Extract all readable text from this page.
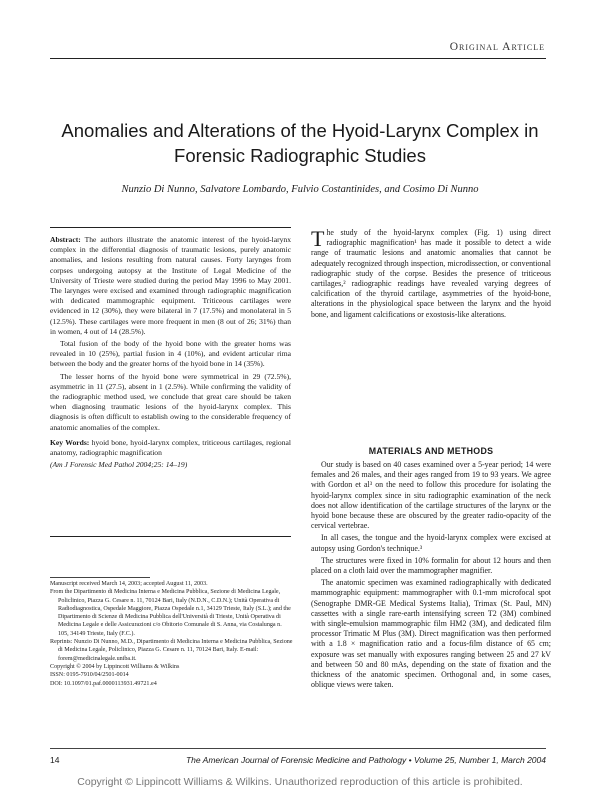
Original Article
Anomalies and Alterations of the Hyoid-Larynx Complex in Forensic Radiographic Studies
Nunzio Di Nunno, Salvatore Lombardo, Fulvio Costantinides, and Cosimo Di Nunno

Abstract: The authors illustrate the anatomic interest of the hyoid-larynx complex in the differential diagnosis of traumatic lesions, purely anatomic anomalies, and lesions resulting from natural causes. Forty larynges from corpses undergoing autopsy at the Institute of Legal Medicine of the University of Trieste were studied during the period May 1996 to May 2001. The larynges were excised and examined through radiographic magnification with dedicated mammographic equipment. Triticeous cartilages were evidenced in 12 (30%), they were bilateral in 7 (17.5%) and monolateral in 5 (12.5%). These cartilages were more frequent in men (8 out of 26; 31%) than in women, 4 out of 14 (28.5%).

Total fusion of the body of the hyoid bone with the greater horns was revealed in 10 (25%), partial fusion in 4 (10%), and evident articular rima between the body and the greater horns of the hyoid bone in 14 (35%).

The lesser horns of the hyoid bone were symmetrical in 29 (72.5%), asymmetric in 11 (27.5), absent in 1 (2.5%). While confirming the validity of the radiographic method used, we conclude that great care should be taken when diagnosing traumatic lesions of the hyoid-larynx complex. This diagnosis is often difficult to establish owing to the considerable frequency of anatomic anomalies of the complex.

Key Words: hyoid bone, hyoid-larynx complex, triticeous cartilages, regional anatomy, radiographic magnification

(Am J Forensic Med Pathol 2004;25: 14–19)

Manuscript received March 14, 2003; accepted August 11, 2003.

From the Dipartimento di Medicina Interna e Medicina Pubblica, Sezione di Medicina Legale, Policlinico, Piazza G. Cesare n. 11, 70124 Bari, Italy (N.D.N., C.D.N.); Unità Operativa di Radiodiagnostica, Ospedale Maggiore, Piazza Ospedale n.1, 34129 Trieste, Italy (S.L.); and the Dipartimento di Scienze di Medicina Pubblica dell'Università di Trieste, Unità Operativa di Medicina Legale e delle Assicurazioni c/o Obitorio Comunale di S. Anna, via Costalunga n. 105, 34149 Trieste, Italy (F.C.).

Reprints: Nunzio Di Nunno, M.D., Dipartimento di Medicina Interna e Medicina Pubblica, Sezione di Medicina Legale, Policlinico, Piazza G. Cesare n. 11, 70124 Bari, Italy. E-mail: forem@medicinalegale.uniba.it.

Copyright © 2004 by Lippincott Williams & Wilkins

ISSN: 0195-7910/04/2501-0014

DOI: 10.1097/01.paf.0000113931.49721.e4

The study of the hyoid-larynx complex (Fig. 1) using direct radiographic magnification¹ has made it possible to detect a wide range of traumatic lesions and anatomic anomalies that cannot be adequately recognized through inspection, microdissection, or conventional radiographic study of the corpse. Besides the presence of triticeous cartilages,² radiographic readings have revealed varying degrees of calcification of the thyroid cartilage, asymmetries of the hyoid-bone, alterations in the physiological space between the larynx and the hyoid bone, and ligament calcifications or exostosis-like alterations.

MATERIALS AND METHODS

Our study is based on 40 cases examined over a 5-year period; 14 were females and 26 males, and their ages ranged from 19 to 93 years. We agree with Gordon et al³ on the need to follow this procedure for isolating the hyoid-larynx complex since in situ radiographic examination of the neck does not allow identification of the cartilage structures of the larynx or the hyoid bone because these are obscured by the greater radio-opacity of the cervical vertebrae.

In all cases, the tongue and the hyoid-larynx complex were excised at autopsy using Gordon's technique.³

The structures were fixed in 10% formalin for about 12 hours and then placed on a cloth laid over the mammographer magnifier.

The anatomic specimen was examined radiographically with dedicated mammographic equipment: mammographer with 0.1-mm microfocal spot (Senographe DMR-GE Medical Systems Italia), Trimax (St. Paul, MN) cassettes with a single rare-earth intensifying screen T2 (3M) combined with single-emulsion mammographic film HM2 (3M), and dedicated film processor Trimatic M Plus (3M). Direct magnification was then performed with a 1.8 × magnification ratio and a focus-film distance of 65 cm; exposure was set manually with exposures ranging between 25 and 27 kV and between 50 and 80 mAs, depending on the state of fixation and the thickness of the anatomic specimen. Orthogonal and, in some cases, oblique views were taken.

14	The American Journal of Forensic Medicine and Pathology • Volume 25, Number 1, March 2004
Copyright © Lippincott Williams & Wilkins. Unauthorized reproduction of this article is prohibited.
